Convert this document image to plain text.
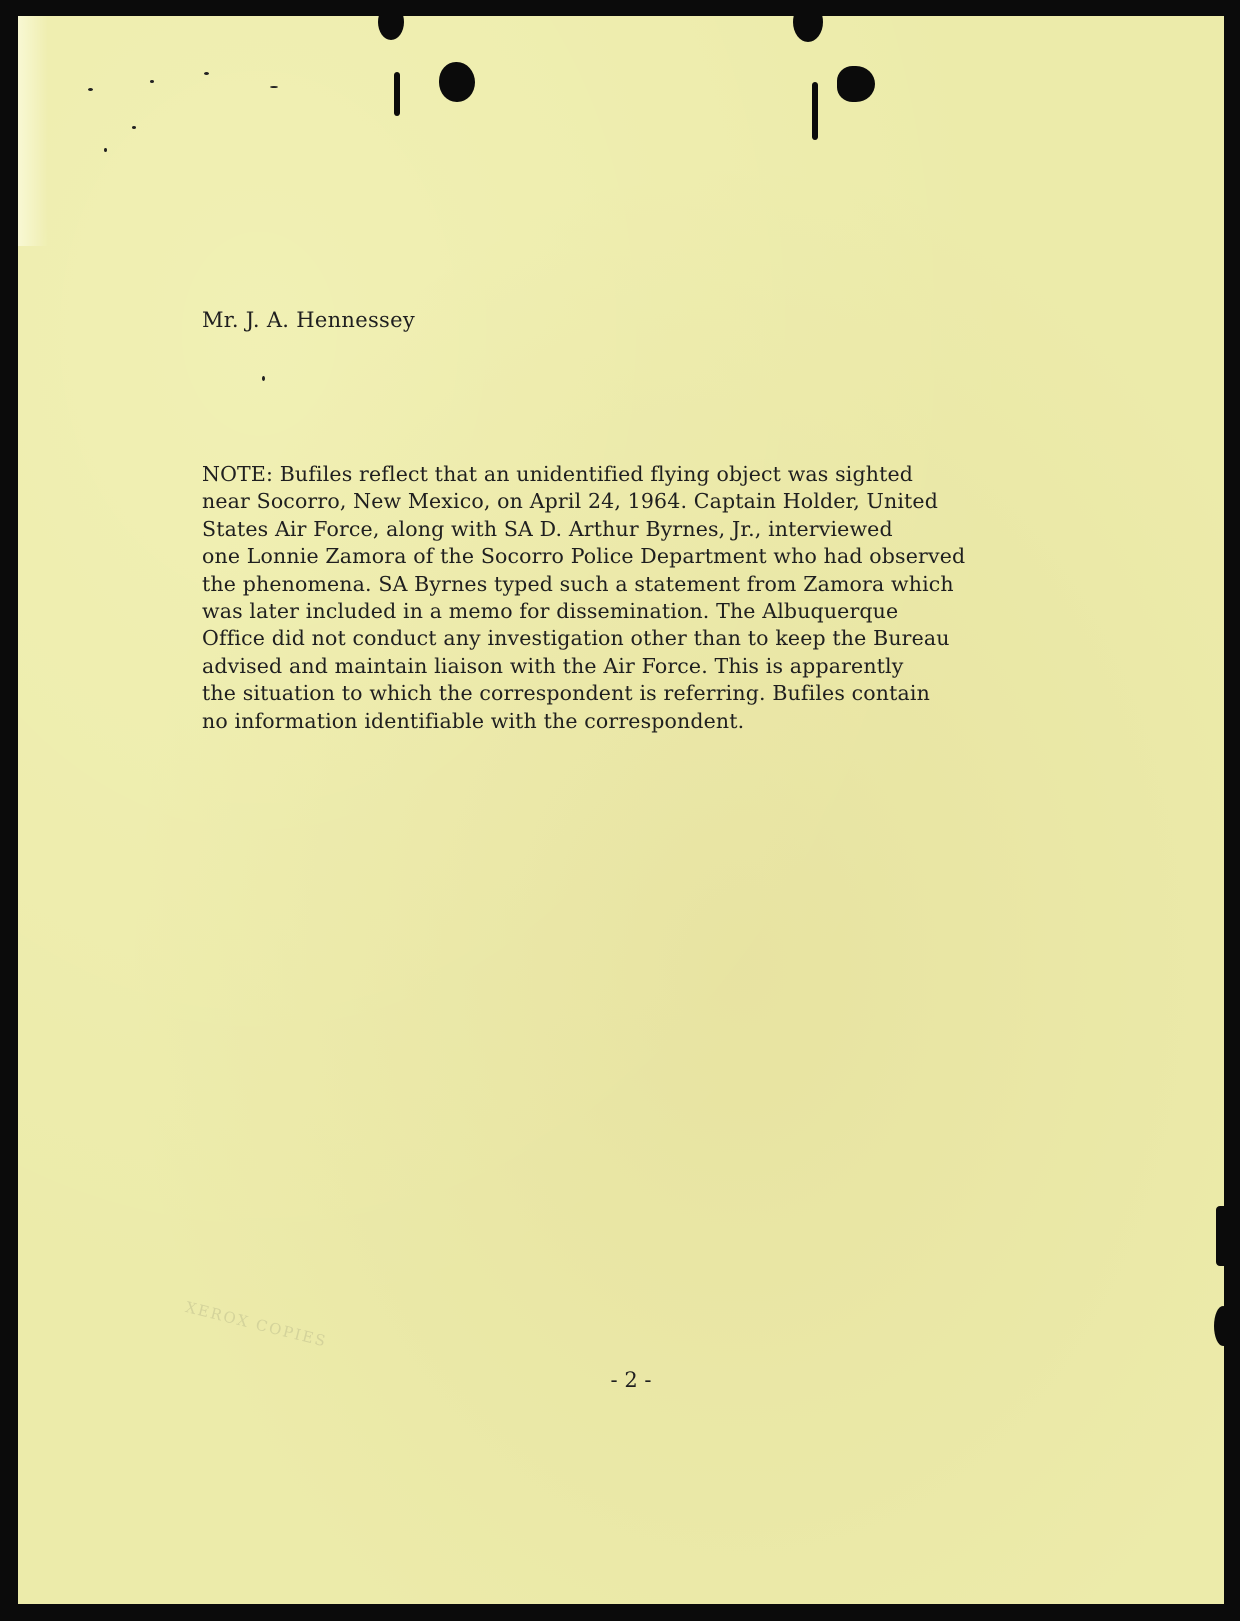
Mr. J. A. Hennessey
NOTE: Bufiles reflect that an unidentified flying object was sighted
near Socorro, New Mexico, on April 24, 1964. Captain Holder, United
States Air Force, along with SA D. Arthur Byrnes, Jr., interviewed
one Lonnie Zamora of the Socorro Police Department who had observed
the phenomena. SA Byrnes typed such a statement from Zamora which
was later included in a memo for dissemination. The Albuquerque
Office did not conduct any investigation other than to keep the Bureau
advised and maintain liaison with the Air Force. This is apparently
the situation to which the correspondent is referring. Bufiles contain
no information identifiable with the correspondent.
XEROX COPIES
- 2 -
